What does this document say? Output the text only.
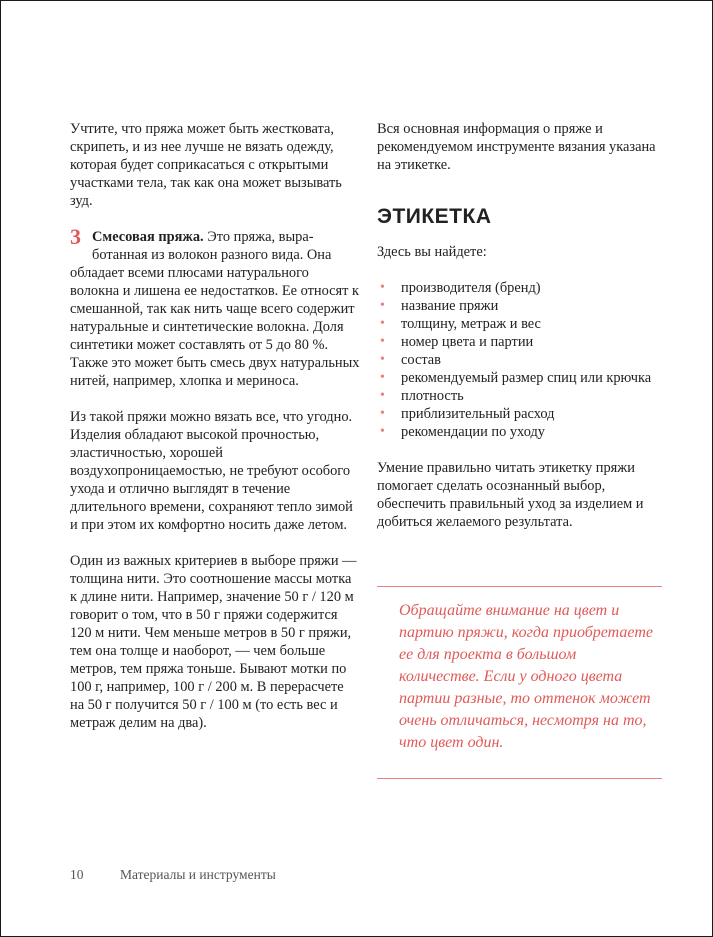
Учтите, что пряжа может быть жестковата, скрипеть, и из нее лучше не вязать одежду, которая будет соприкасаться с открытыми участками тела, так как она может вызывать зуд.

3 Смесовая пряжа. Это пряжа, выработанная из волокон разного вида. Она обладает всеми плюсами натурального волокна и лишена ее недостатков. Ее относят к смешанной, так как нить чаще всего содержит натуральные и синтетические волокна. Доля синтетики может составлять от 5 до 80 %. Также это может быть смесь двух натуральных нитей, например, хлопка и мериноса.

Из такой пряжи можно вязать все, что угодно. Изделия обладают высокой прочностью, эластичностью, хорошей воздухопроницаемостью, не требуют особого ухода и отлично выглядят в течение длительного времени, сохраняют тепло зимой и при этом их комфортно носить даже летом.

Один из важных критериев в выборе пряжи — толщина нити. Это соотношение массы мотка к длине нити. Например, значение 50 г / 120 м говорит о том, что в 50 г пряжи содержится 120 м нити. Чем меньше метров в 50 г пряжи, тем она толще и наоборот, — чем больше метров, тем пряжа тоньше. Бывают мотки по 100 г, например, 100 г / 200 м. В перерасчете на 50 г получится 50 г / 100 м (то есть вес и метраж делим на два).

Вся основная информация о пряже и рекомендуемом инструменте вязания указана на этикетке.

ЭТИКЕТКА

Здесь вы найдете:

• производителя (бренд)
• название пряжи
• толщину, метраж и вес
• номер цвета и партии
• состав
• рекомендуемый размер спиц или крючка
• плотность
• приблизительный расход
• рекомендации по уходу

Умение правильно читать этикетку пряжи помогает сделать осознанный выбор, обеспечить правильный уход за изделием и добиться желаемого результата.

Обращайте внимание на цвет и партию пряжи, когда приобретаете ее для проекта в большом количестве. Если у одного цвета партии разные, то оттенок может очень отличаться, несмотря на то, что цвет один.

10	Материалы и инструменты
